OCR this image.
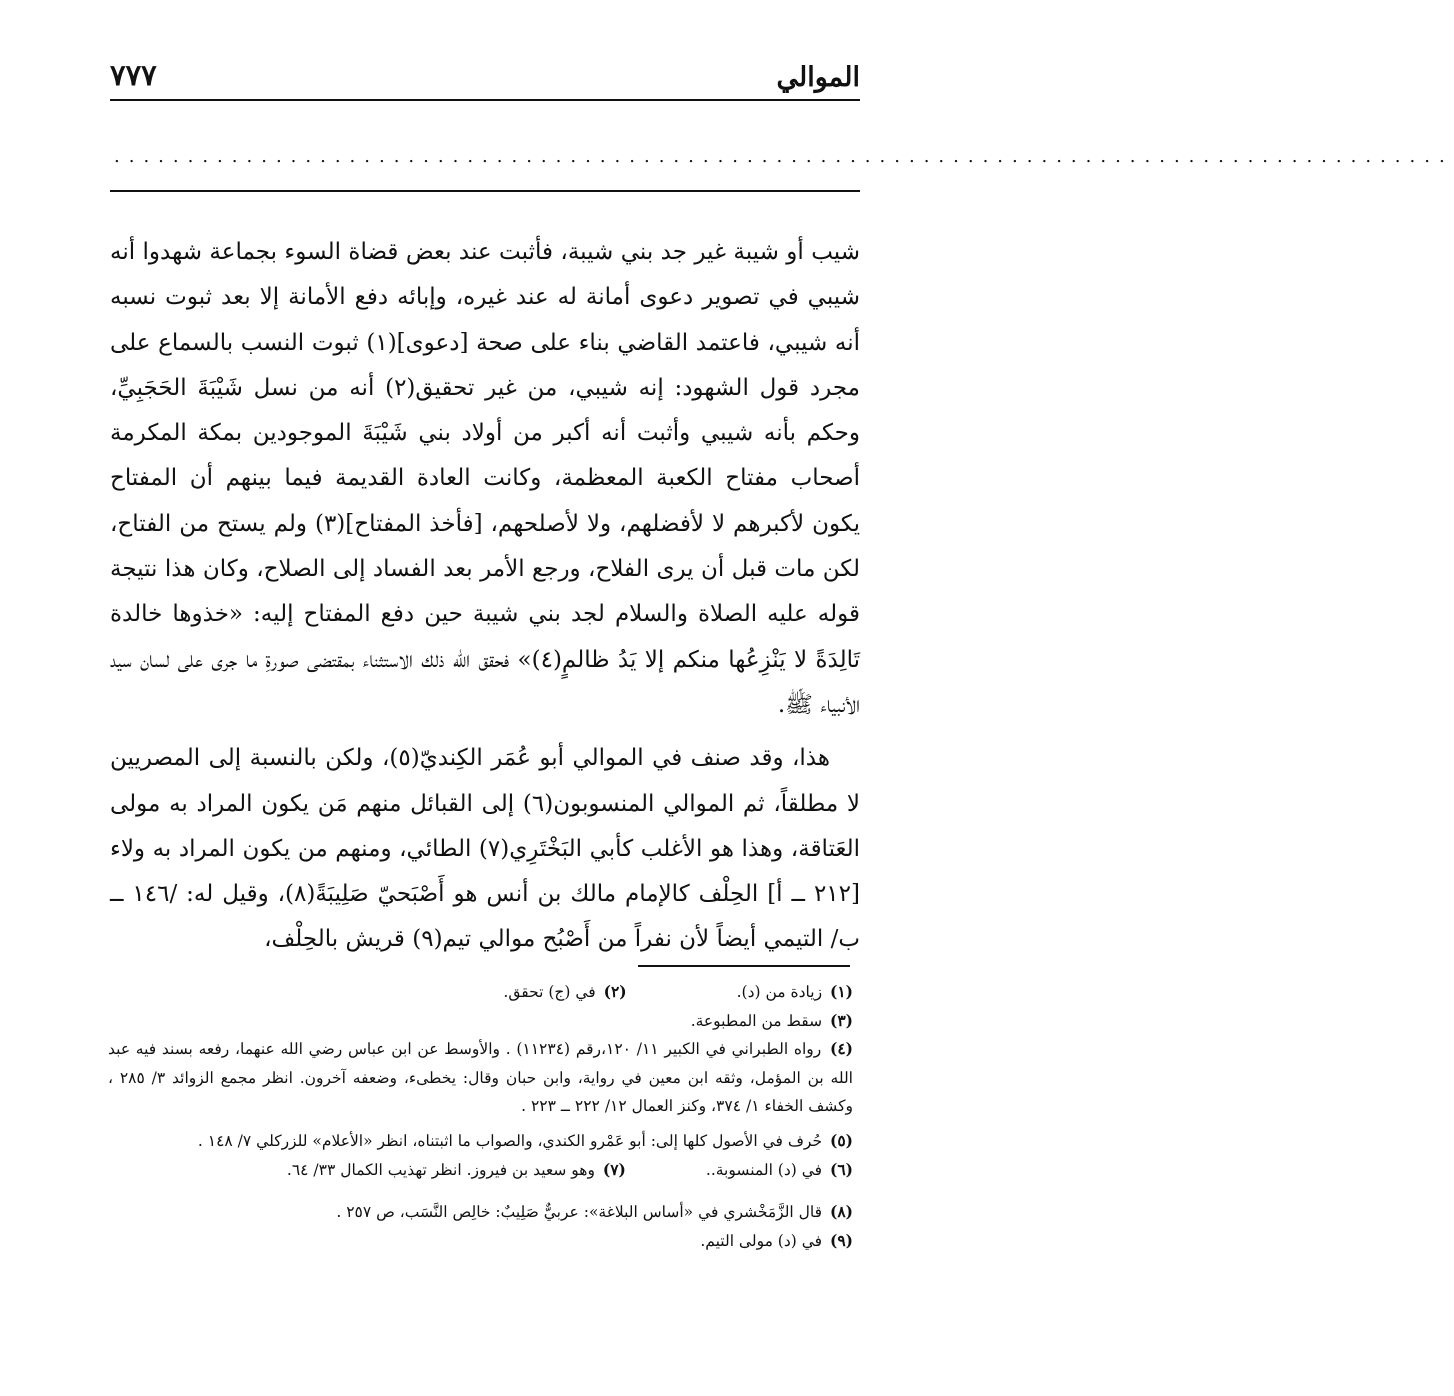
الموالي
٧٧٧
...........................................................................................

شيب أو شيبة غير جد بني شيبة، فأثبت عند بعض قضاة السوء بجماعة شهدوا أنه شيبي في تصوير دعوى أمانة له عند غيره، وإبائه دفع الأمانة إلا بعد ثبوت نسبه أنه شيبي، فاعتمد القاضي بناء على صحة [دعوى](١) ثبوت النسب بالسماع على مجرد قول الشهود: إنه شيبي، من غير تحقيق(٢) أنه من نسل شَيْبَةَ الحَجَبِيِّ، وحكم بأنه شيبي وأثبت أنه أكبر من أولاد بني شَيْبَةَ الموجودين بمكة المكرمة أصحاب مفتاح الكعبة المعظمة، وكانت العادة القديمة فيما بينهم أن المفتاح يكون لأكبرهم لا لأفضلهم، ولا لأصلحهم، [فأخذ المفتاح](٣) ولم يستح من الفتاح، لكن مات قبل أن يرى الفلاح، ورجع الأمر بعد الفساد إلى الصلاح، وكان هذا نتيجة قوله عليه الصلاة والسلام لجد بني شيبة حين دفع المفتاح إليه: «خذوها خالدة تَالِدَةً لا يَنْزِعُها منكم إلا يَدُ ظالمٍ(٤)» فحقق الله ذلك الاستثناء بمقتضى صورةِ ما جرى على لسان سيد الأنبياء ﷺ.

هذا، وقد صنف في الموالي أبو عُمَر الكِنديّ(٥)، ولكن بالنسبة إلى المصريين لا مطلقاً، ثم الموالي المنسوبون(٦) إلى القبائل منهم مَن يكون المراد به مولى العَتاقة، وهذا هو الأغلب كأبي البَخْتَرِي(٧) الطائي، ومنهم من يكون المراد به ولاء [٢١٢ ــ أ] الحِلْف كالإمام مالك بن أنس هو أَصْبَحيّ صَلِيبَةً(٨)، وقيل له: /١٤٦ ــ ب/ التيمي أيضاً لأن نفراً من أَصْبُح موالي تيم(٩) قريش بالحِلْف،

(١) زيادة من (د).
(٢) في (ج) تحقق.
(٣) سقط من المطبوعة.
(٤) رواه الطبراني في الكبير ١١/ ١٢٠،رقم (١١٢٣٤) . والأوسط عن ابن عباس رضي الله عنهما، رفعه بسند فيه عبد الله بن المؤمل، وثقه ابن معين في رواية، وابن حبان وقال: يخطىء، وضعفه آخرون. انظر مجمع الزوائد ٣/ ٢٨٥ ، وكشف الخفاء ١/ ٣٧٤، وكنز العمال ١٢/ ٢٢٢ ــ ٢٢٣ .
(٥) حُرف في الأصول كلها إلى: أبو عَمْرو الكندي، والصواب ما اثبتناه، انظر «الأعلام» للزركلي ٧/ ١٤٨ .
(٦) في (د) المنسوبة..
(٧) وهو سعيد بن فيروز. انظر تهذيب الكمال ٣٣/ ٦٤.
(٨) قال الزَّمَخْشري في «أساس البلاغة»: عربيٌّ صَلِيبٌ: خالِص النَّسَب، ص ٢٥٧ .
(٩) في (د) مولى التيم.
